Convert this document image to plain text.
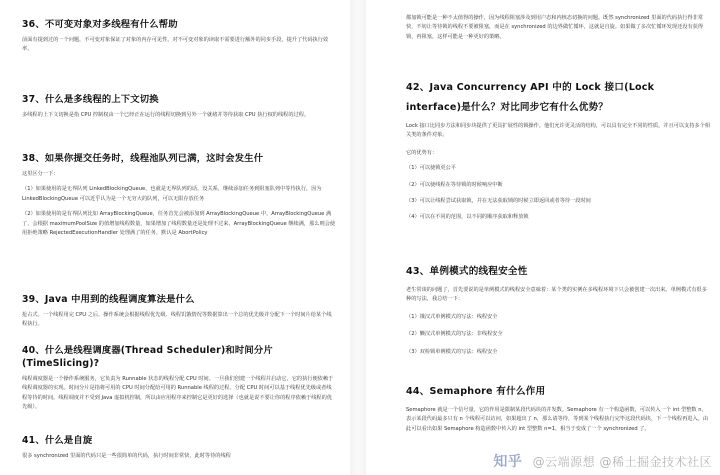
36、不可变对象对多线程有什么帮助

前面有提到过的一个问题，不可变对象保证了对象的内存可见性，对不可变对象的读取不需要进行额外的同步手段，提升了代码执行效率。

37、什么是多线程的上下文切换

多线程的上下文切换是指 CPU 控制权由一个已经正在运行的线程切换到另外一个就绪并等待获取 CPU 执行权的线程的过程。

38、如果你提交任务时，线程池队列已满，这时会发生什

这里区分一下：

（1）如果使用的是无界队列 LinkedBlockingQueue，也就是无界队列的话，没关系，继续添加任务到阻塞队列中等待执行，因为 LinkedBlockingQueue 可以近乎认为是一个无穷大的队列，可以无限存放任务

（2）如果使用的是有界队列比如 ArrayBlockingQueue，任务首先会被添加到 ArrayBlockingQueue 中，ArrayBlockingQueue 满了，会根据 maximumPoolSize 的值增加线程数量，如果增加了线程数量还是处理不过来，ArrayBlockingQueue 继续满，那么则会使用拒绝策略 RejectedExecutionHandler 处理满了的任务，默认是 AbortPolicy

39、Java 中用到的线程调度算法是什么

抢占式。一个线程用完 CPU 之后，操作系统会根据线程优先级、线程饥饿情况等数据算出一个总的优先级并分配下一个时间片给某个线程执行。

40、什么是线程调度器(Thread Scheduler)和时间分片(TimeSlicing)?

线程调度器是一个操作系统服务，它负责为 Runnable 状态的线程分配 CPU 时间。一旦我们创建一个线程并启动它，它的执行便依赖于线程调度器的实现。时间分片是指将可用的 CPU 时间分配给可用的 Runnable 线程的过程。分配 CPU 时间可以基于线程优先级或者线程等待的时间。线程调度并不受到 Java 虚拟机控制，所以由应用程序来控制它是更好的选择（也就是说不要让你的程序依赖于线程的优先级）。

41、什么是自旋

很多 synchronized 里面的代码只是一些很简单的代码，执行时间非常快，此时等待的线程

都加锁可能是一种不太值得的操作，因为线程阻塞涉及到用户态和内核态切换的问题。既然 synchronized 里面的代码执行得非常快，不妨让等待锁的线程不要被阻塞，而是在 synchronized 的边界做忙循环，这就是自旋。如果做了多次忙循环发现还没有获得锁，再阻塞，这样可能是一种更好的策略。

42、Java Concurrency API 中的 Lock 接口(Lock interface)是什么？对比同步它有什么优势？

Lock 接口比同步方法和同步块提供了更具扩展性的锁操作。他们允许更灵活的结构，可以具有完全不同的性质，并且可以支持多个相关类的条件对象。

它的优势有：

（1）可以使锁更公平

（2）可以使线程在等待锁的时候响应中断

（3）可以让线程尝试获取锁，并在无法获取锁的时候立即返回或者等待一段时间

（4）可以在不同的范围，以不同的顺序获取和释放锁

43、单例模式的线程安全性

老生常谈的问题了，首先要说的是单例模式的线程安全意味着：某个类的实例在多线程环境下只会被创建一次出来。单例模式有很多种的写法，我总结一下：

（1）饿汉式单例模式的写法：线程安全

（2）懒汉式单例模式的写法：非线程安全

（3）双检锁单例模式的写法：线程安全

44、Semaphore 有什么作用

Semaphore 就是一个信号量，它的作用是限制某段代码块的并发数。Semaphore 有一个构造函数，可以传入一个 int 型整数 n，表示某段代码最多只有 n 个线程可以访问，如果超出了 n，那么请等待，等到某个线程执行完毕这段代码块，下一个线程再进入。由此可以看出如果 Semaphore 构造函数中传入的 int 型整数 n=1，相当于变成了一个 synchronized 了。

知乎 @云端源想 @稀土掘金技术社区
